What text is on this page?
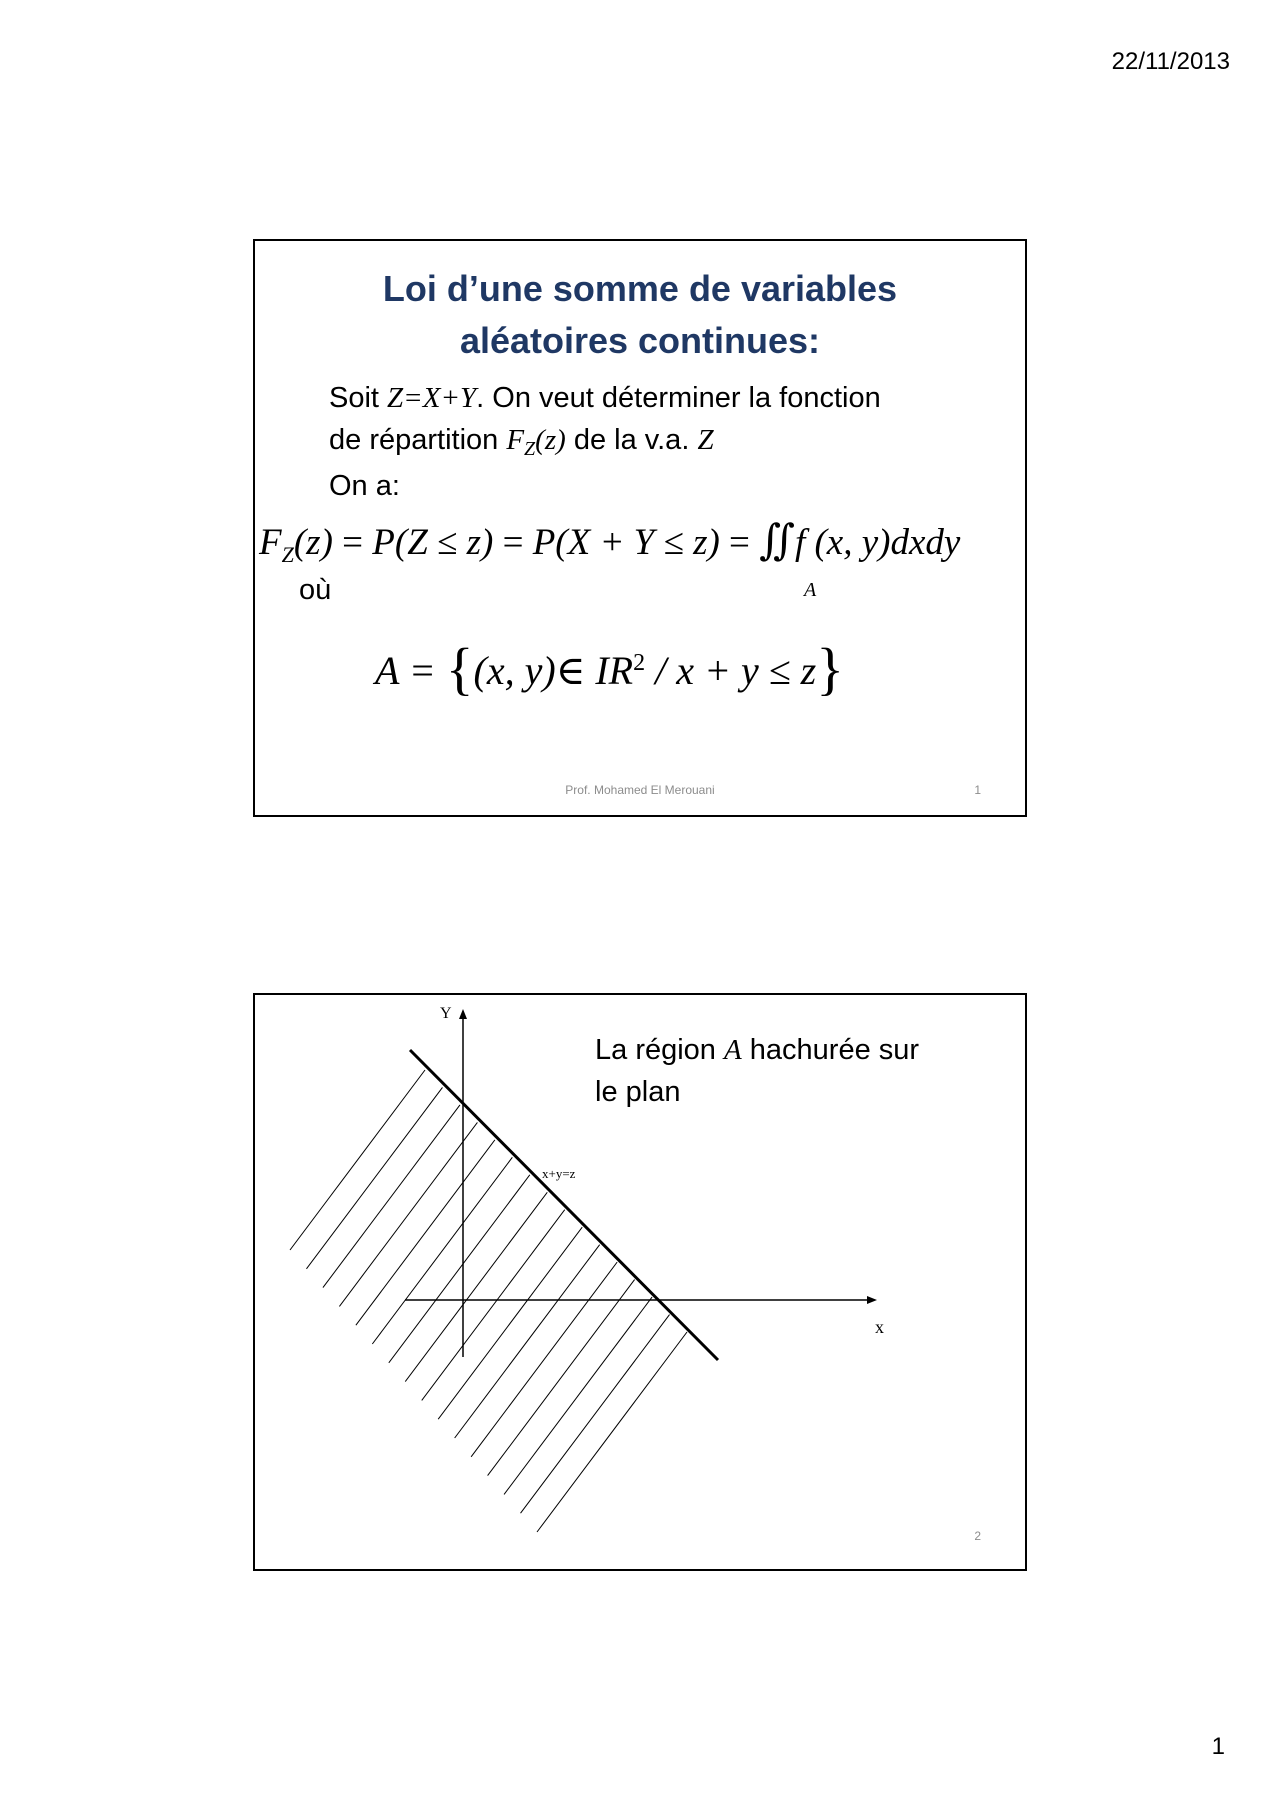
22/11/2013
Loi d’une somme de variables
aléatoires continues:
Soit Z=X+Y. On veut déterminer la fonction
de répartition $F_Z(z)$ de la v.a. Z
On a:
$F_Z(z) = P(Z \le z) = P(X + Y \le z)$ = ∬f (x, y)dxdy
A
où
A = {(x, y)∈ $IR^2 / x + y \le z$}
Prof. Mohamed El Merouani	1
Y
x
x+y=z
La région A hachurée sur
le plan
2
1
